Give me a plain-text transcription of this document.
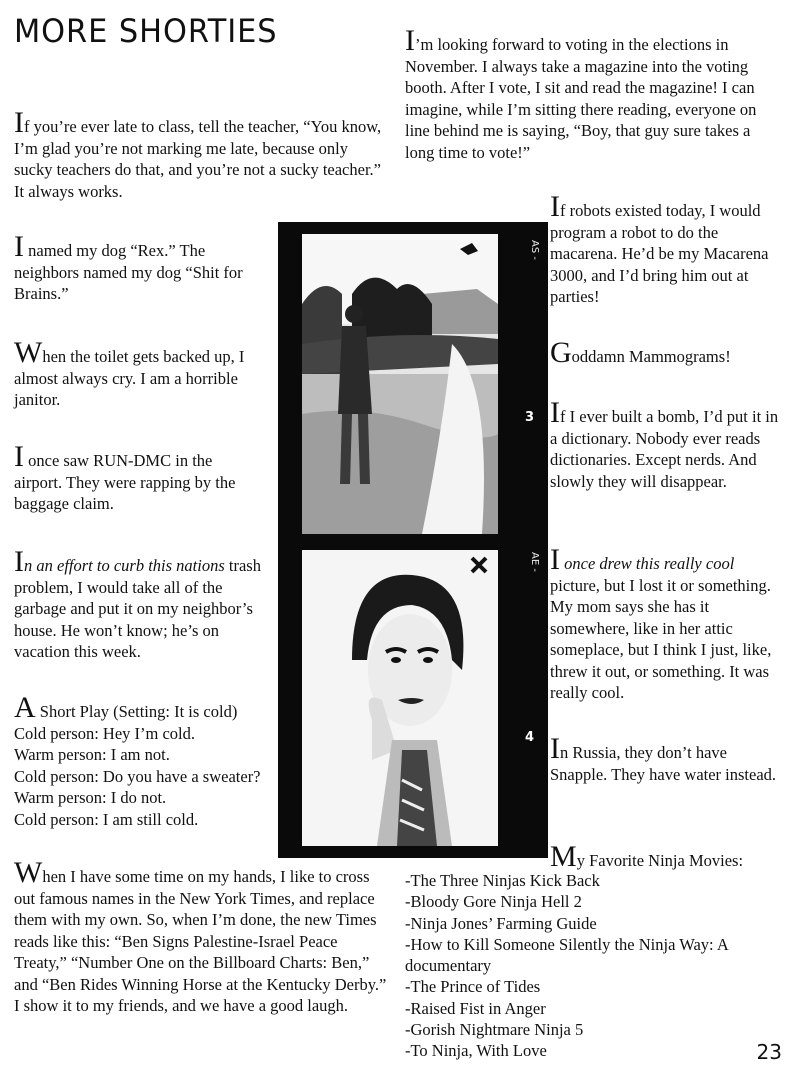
MORE SHORTIES

If you’re ever late to class, tell the teacher, “You know, I’m glad you’re not marking me late, because only sucky teachers do that, and you’re not a sucky teacher.” It always works.

I named my dog “Rex.” The neighbors named my dog “Shit for Brains.”

When the toilet gets backed up, I almost always cry. I am a horrible janitor.

I once saw RUN-DMC in the airport. They were rapping by the baggage claim.

In an effort to curb this nations trash problem, I would take all of the garbage and put it on my neighbor’s house. He won’t know; he’s on vacation this week.

A Short Play (Setting: It is cold)
Cold person: Hey I’m cold.
Warm person: I am not.
Cold person: Do you have a sweater? Warm person: I do not.
Cold person: I am still cold.

When I have some time on my hands, I like to cross out famous names in the New York Times, and replace them with my own. So, when I’m done, the new Times reads like this: “Ben Signs Palestine-Israel Peace Treaty,” “Number One on the Billboard Charts: Ben,” and “Ben Rides Winning Horse at the Kentucky Derby.” I show it to my friends, and we have a good laugh.

I’m looking forward to voting in the elections in November. I always take a magazine into the voting booth. After I vote, I sit and read the magazine! I can imagine, while I’m sitting there reading, everyone on line behind me is saying, “Boy, that guy sure takes a long time to vote!”

If robots existed today, I would program a robot to do the macarena. He’d be my Macarena 3000, and I’d bring him out at parties!

Goddamn Mammograms!

If I ever built a bomb, I’d put it in a dictionary. Nobody ever reads dictionaries. Except nerds. And slowly they will disappear.

I once drew this really cool picture, but I lost it or something. My mom says she has it somewhere, like in her attic someplace, but I think I just, like, threw it out, or something. It was really cool.

In Russia, they don’t have Snapple. They have water instead.

My Favorite Ninja Movies:

-The Three Ninjas Kick Back
-Bloody Gore Ninja Hell 2
-Ninja Jones’ Farming Guide
-How to Kill Someone Silently the Ninja Way: A documentary
-The Prince of Tides
-Raised Fist in Anger
-Gorish Nightmare Ninja 5
-To Ninja, With Love
AS -
3
AE -
4
23
